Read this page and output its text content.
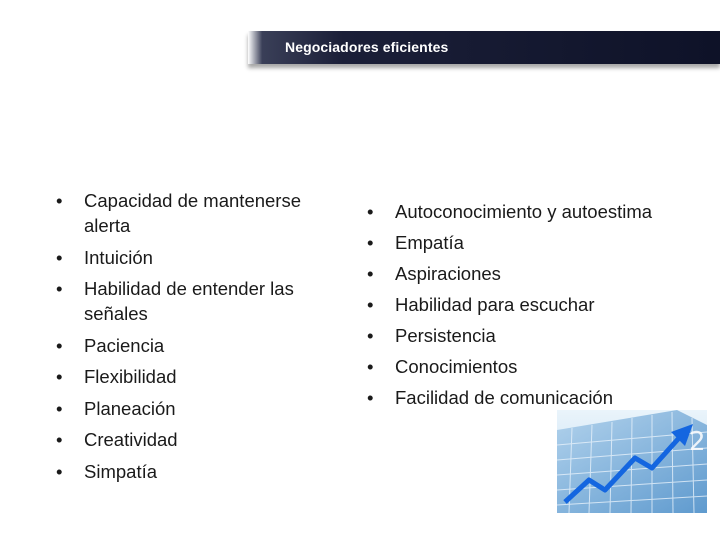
Negociadores eficientes
• Capacidad de mantenerse alerta
• Intuición
• Habilidad de entender las señales
• Paciencia
• Flexibilidad
• Planeación
• Creatividad
• Simpatía
• Autoconocimiento y autoestima
• Empatía
• Aspiraciones
• Habilidad para escuchar
• Persistencia
• Conocimientos
• Facilidad de comunicación
2
